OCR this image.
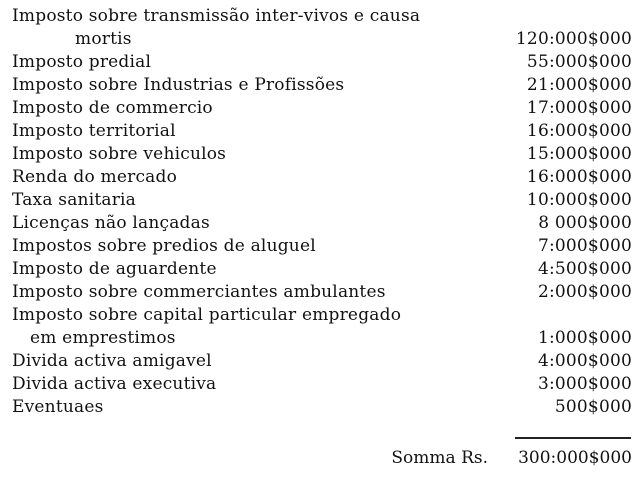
Imposto sobre transmissão inter-vivos e causa
mortis	120:000$000
Imposto predial	55:000$000
Imposto sobre Industrias e Profissões	21:000$000
Imposto de commercio	17:000$000
Imposto territorial	16:000$000
Imposto sobre vehiculos	15:000$000
Renda do mercado	16:000$000
Taxa sanitaria	10:000$000
Licenças não lançadas	8 000$000
Impostos sobre predios de aluguel	7:000$000
Imposto de aguardente	4:500$000
Imposto sobre commerciantes ambulantes	2:000$000
Imposto sobre capital particular empregado
em emprestimos	1:000$000
Divida activa amigavel	4:000$000
Divida activa executiva	3:000$000
Eventuaes	500$000
Somma Rs. 300:000$000
